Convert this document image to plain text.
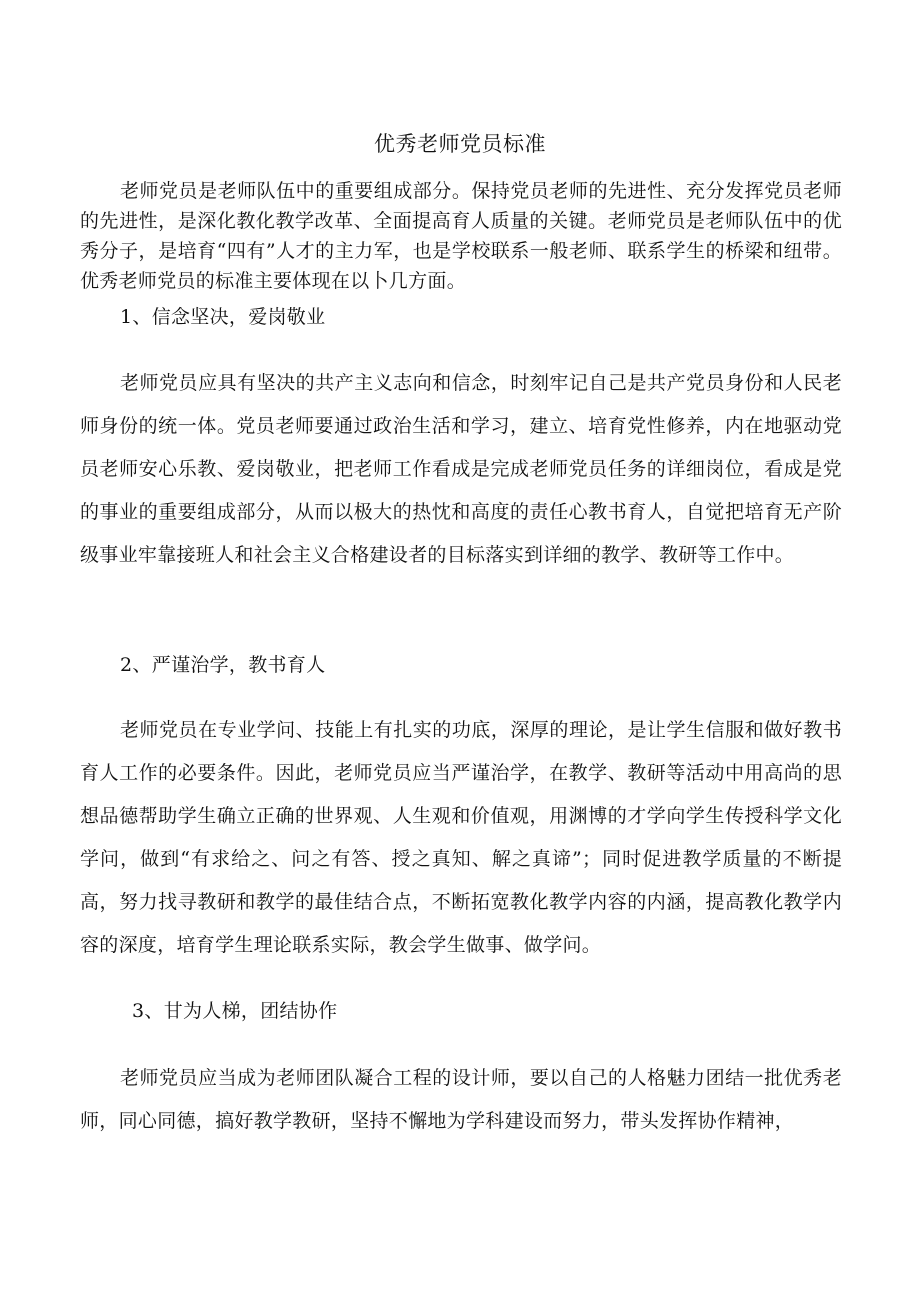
优秀老师党员标准
老师党员是老师队伍中的重要组成部分。保持党员老师的先进性、充分发挥党员老师的先进性，是深化教化教学改革、全面提高育人质量的关键。老师党员是老师队伍中的优秀分子，是培育“四有”人才的主力军，也是学校联系一般老师、联系学生的桥梁和纽带。优秀老师党员的标准主要体现在以卜几方面。
1、信念坚决，爱岗敬业
老师党员应具有坚决的共产主义志向和信念，时刻牢记自己是共产党员身份和人民老师身份的统一体。党员老师要通过政治生活和学习，建立、培育党性修养，内在地驱动党员老师安心乐教、爱岗敬业，把老师工作看成是完成老师党员任务的详细岗位，看成是党的事业的重要组成部分，从而以极大的热忱和高度的责任心教书育人，自觉把培育无产阶级事业牢靠接班人和社会主义合格建设者的目标落实到详细的教学、教研等工作中。
2、严谨治学，教书育人
老师党员在专业学问、技能上有扎实的功底，深厚的理论，是让学生信服和做好教书育人工作的必要条件。因此，老师党员应当严谨治学，在教学、教研等活动中用高尚的思想品德帮助学生确立正确的世界观、人生观和价值观，用渊博的才学向学生传授科学文化学问，做到“有求给之、问之有答、授之真知、解之真谛”；同时促进教学质量的不断提高，努力找寻教研和教学的最佳结合点，不断拓宽教化教学内容的内涵，提高教化教学内容的深度，培育学生理论联系实际，教会学生做事、做学问。
3、甘为人梯，团结协作
老师党员应当成为老师团队凝合工程的设计师，要以自己的人格魅力团结一批优秀老师，同心同德，搞好教学教研，坚持不懈地为学科建设而努力，带头发挥协作精神，
